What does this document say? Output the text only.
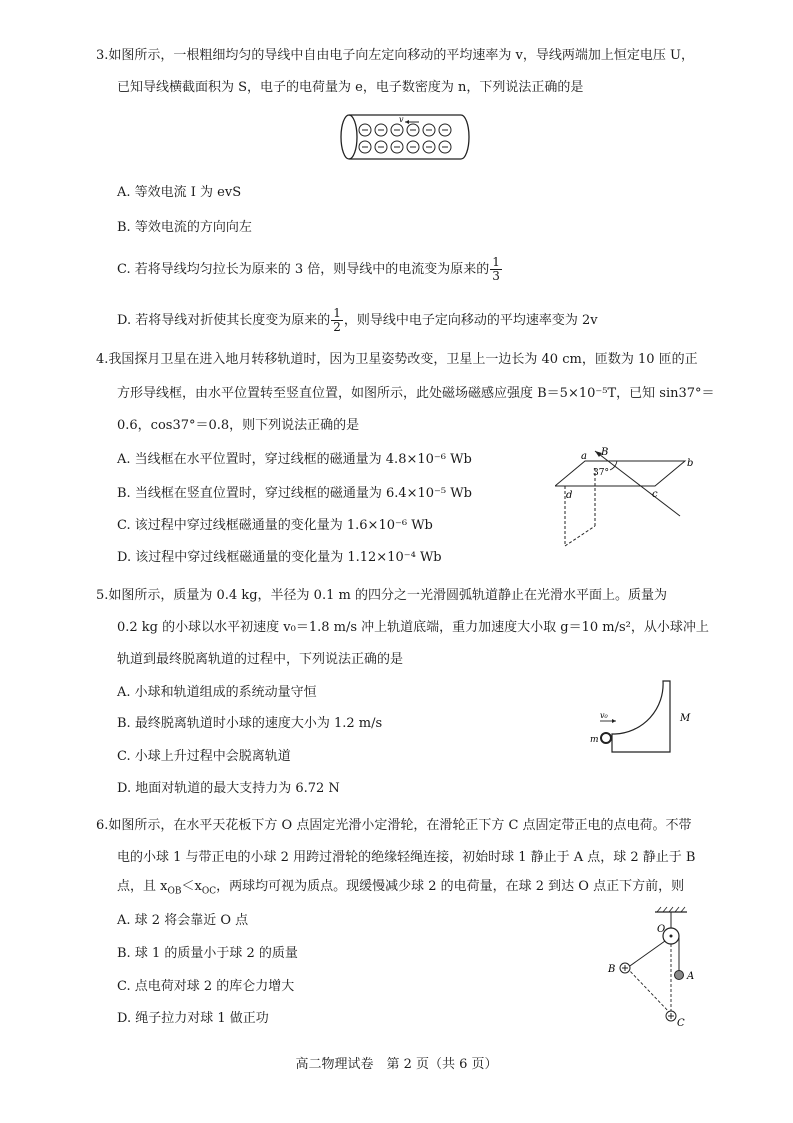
3.如图所示，一根粗细均匀的导线中自由电子向左定向移动的平均速率为 v，导线两端加上恒定电压 U，
已知导线横截面积为 S，电子的电荷量为 e，电子数密度为 n，下列说法正确的是
v
A. 等效电流 I 为 evS
B. 等效电流的方向向左
C. 若将导线均匀拉长为原来的 3 倍，则导线中的电流变为原来的 $\frac{1}{3}$
D. 若将导线对折使其长度变为原来的 $\frac{1}{2}$ ，则导线中电子定向移动的平均速率变为 2v
4.我国探月卫星在进入地月转移轨道时，因为卫星姿势改变，卫星上一边长为 40 cm，匝数为 10 匝的正
方形导线框，由水平位置转至竖直位置，如图所示，此处磁场磁感应强度 B＝5×10⁻⁵T，已知 sin37°＝
0.6，cos37°＝0.8，则下列说法正确的是
A. 当线框在水平位置时，穿过线框的磁通量为 4.8×10⁻⁶ Wb
B. 当线框在竖直位置时，穿过线框的磁通量为 6.4×10⁻⁵ Wb
C. 该过程中穿过线框磁通量的变化量为 1.6×10⁻⁶ Wb
D. 该过程中穿过线框磁通量的变化量为 1.12×10⁻⁴ Wb
a
b
c
d
B
37°
5.如图所示，质量为 0.4 kg，半径为 0.1 m 的四分之一光滑圆弧轨道静止在光滑水平面上。质量为
0.2 kg 的小球以水平初速度 v₀＝1.8 m/s 冲上轨道底端，重力加速度大小取 g＝10 m/s²，从小球冲上
轨道到最终脱离轨道的过程中，下列说法正确的是
A. 小球和轨道组成的系统动量守恒
B. 最终脱离轨道时小球的速度大小为 1.2 m/s
C. 小球上升过程中会脱离轨道
D. 地面对轨道的最大支持力为 6.72 N
v₀
m
M
6.如图所示，在水平天花板下方 O 点固定光滑小定滑轮，在滑轮正下方 C 点固定带正电的点电荷。不带
电的小球 1 与带正电的小球 2 用跨过滑轮的绝缘轻绳连接，初始时球 1 静止于 A 点，球 2 静止于 B
点，且 $x_{OB}<x_{OC}$，两球均可视为质点。现缓慢减少球 2 的电荷量，在球 2 到达 O 点正下方前，则
A. 球 2 将会靠近 O 点
B. 球 1 的质量小于球 2 的质量
C. 点电荷对球 2 的库仑力增大
D. 绳子拉力对球 1 做正功
O
A
B
C
高二物理试卷　第 2 页（共 6 页）
